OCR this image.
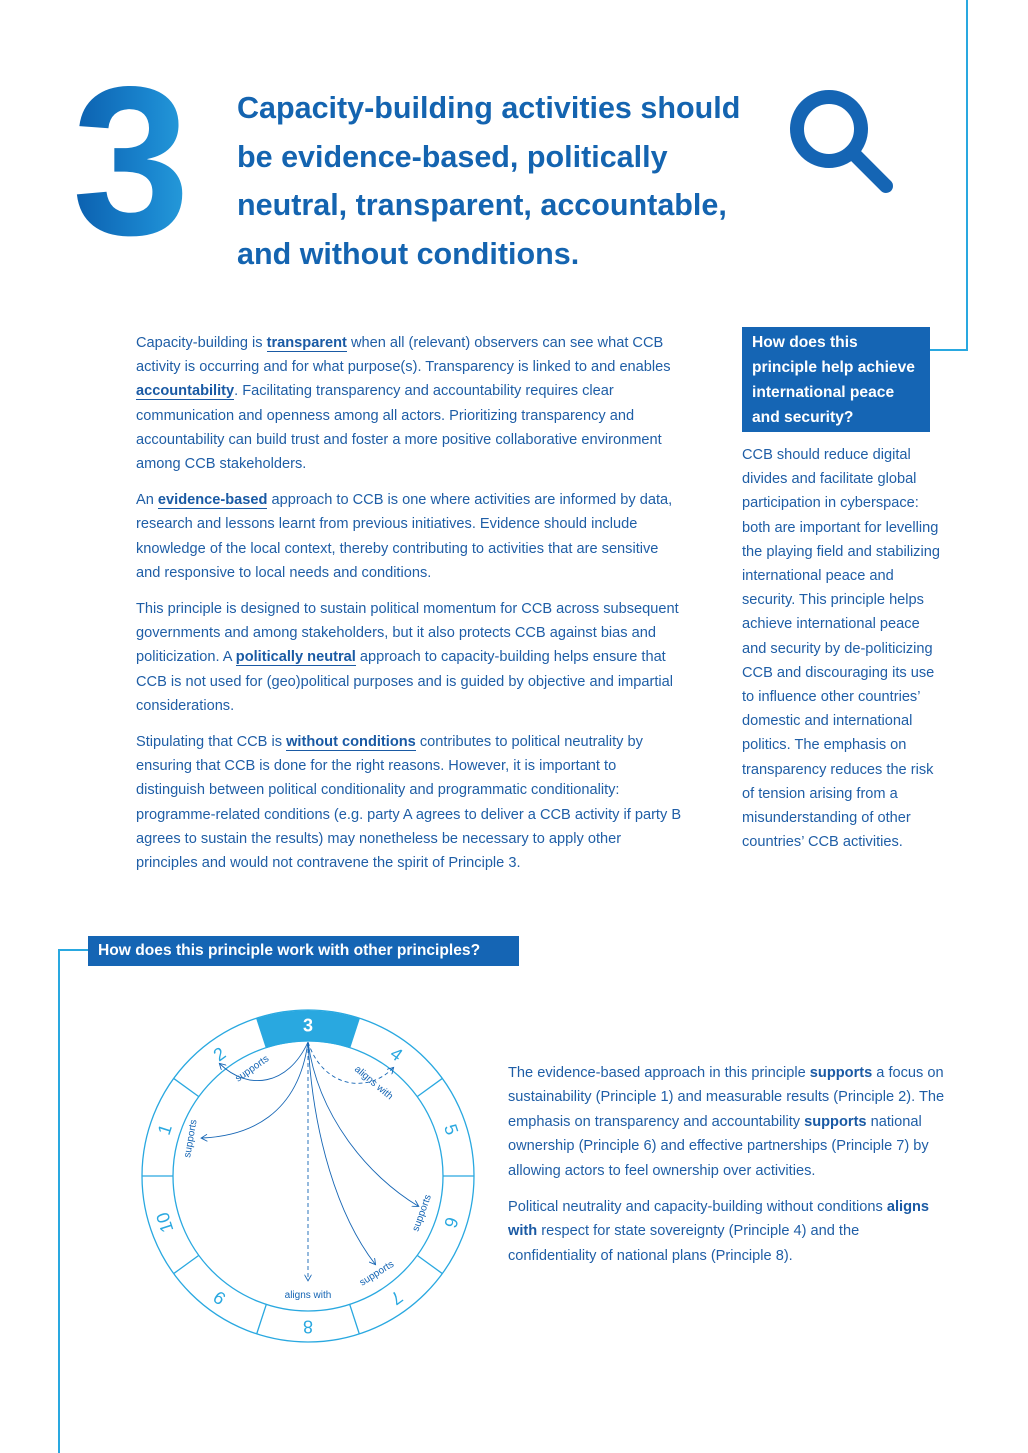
3	Capacity-building activities should be evidence-based, politically neutral, transparent, accountable, and without conditions.

Capacity-building is transparent when all (relevant) observers can see what CCB activity is occurring and for what purpose(s). Transparency is linked to and enables accountability. Facilitating transparency and accountability requires clear communication and openness among all actors. Prioritizing transparency and accountability can build trust and foster a more positive collaborative environment among CCB stakeholders.

An evidence-based approach to CCB is one where activities are informed by data, research and lessons learnt from previous initiatives. Evidence should include knowledge of the local context, thereby contributing to activities that are sensitive and responsive to local needs and conditions.

This principle is designed to sustain political momentum for CCB across subsequent governments and among stakeholders, but it also protects CCB against bias and politicization. A politically neutral approach to capacity-building helps ensure that CCB is not used for (geo)political purposes and is guided by objective and impartial considerations.

Stipulating that CCB is without conditions contributes to political neutrality by ensuring that CCB is done for the right reasons. However, it is important to distinguish between political conditionality and programmatic conditionality: programme-related conditions (e.g. party A agrees to deliver a CCB activity if party B agrees to sustain the results) may nonetheless be necessary to apply other principles and would not contravene the spirit of Principle 3.

How does this principle help achieve international peace and security?
CCB should reduce digital divides and facilitate global participation in cyberspace: both are important for levelling the playing field and stabilizing international peace and security. This principle helps achieve international peace and security by de-politicizing CCB and discouraging its use to influence other countries’ domestic and international politics. The emphasis on transparency reduces the risk of tension arising from a misunderstanding of other countries’ CCB activities.
How does this principle work with other principles?
3
4
5
6
7
8
9
10
1
2 supports	aligns with
supports
supports
supports
aligns with

The evidence-based approach in this principle supports a focus on sustainability (Principle 1) and measurable results (Principle 2). The emphasis on transparency and accountability supports national ownership (Principle 6) and effective partnerships (Principle 7) by allowing actors to feel ownership over activities.

Political neutrality and capacity-building without conditions aligns with respect for state sovereignty (Principle 4) and the confidentiality of national plans (Principle 8).
